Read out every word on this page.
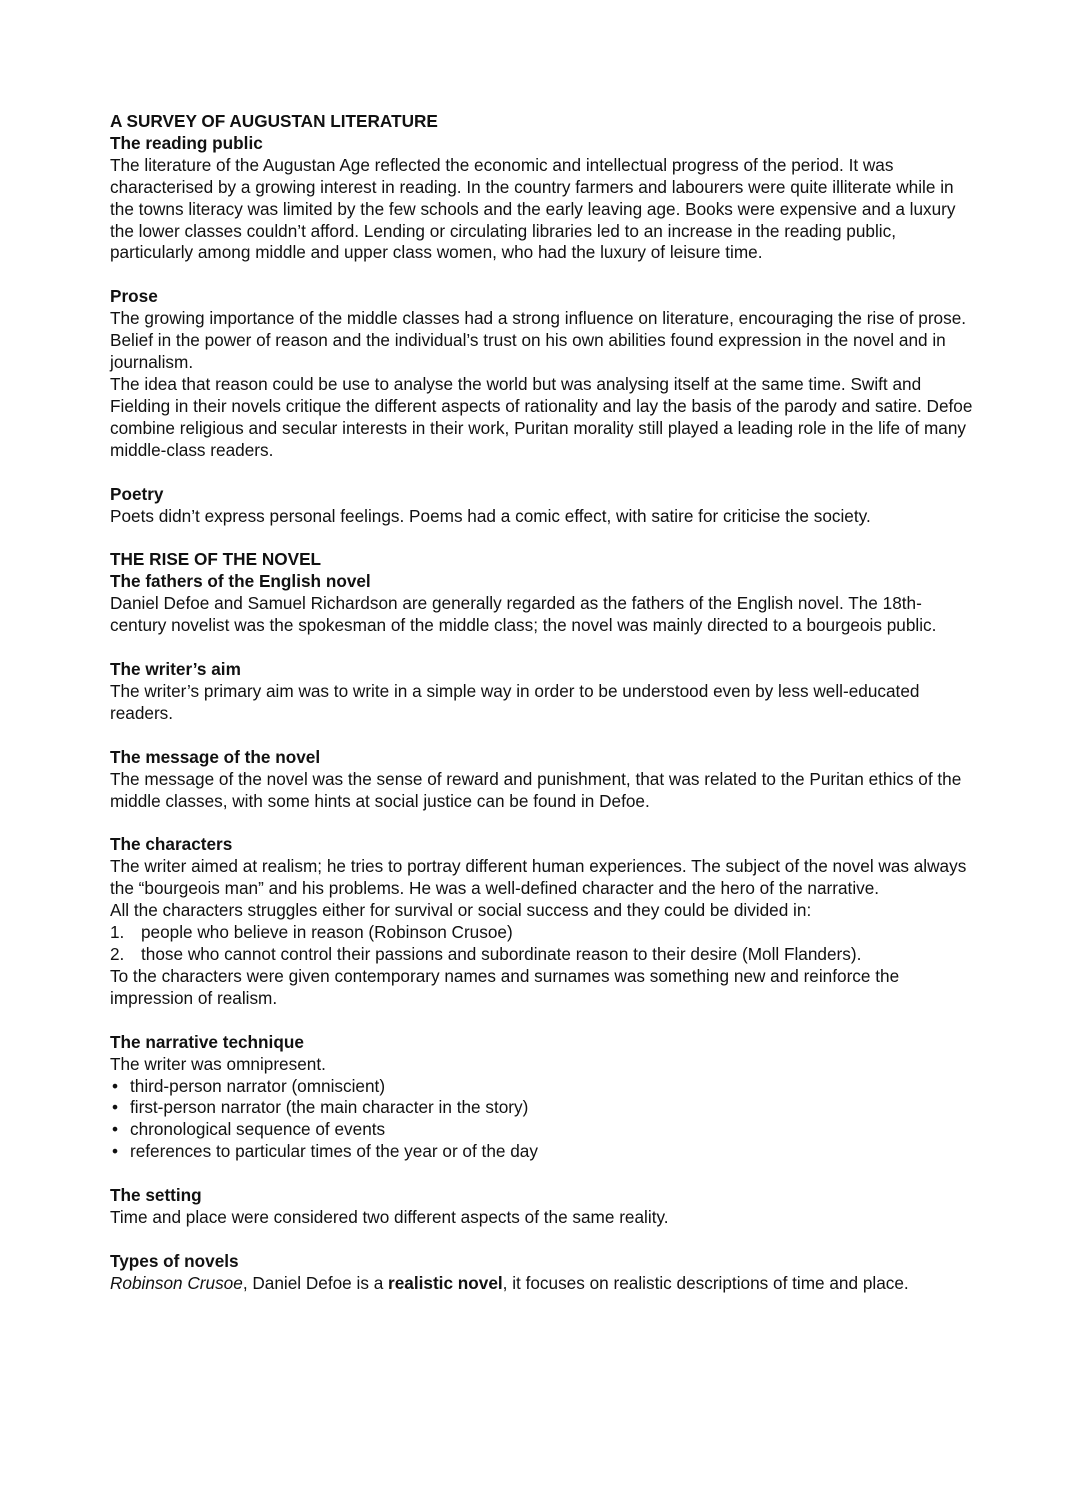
A SURVEY OF AUGUSTAN LITERATURE
The reading public

The literature of the Augustan Age reflected the economic and intellectual progress of the period. It was characterised by a growing interest in reading. In the country farmers and labourers were quite illiterate while in the towns literacy was limited by the few schools and the early leaving age. Books were expensive and a luxury the lower classes couldn’t afford. Lending or circulating libraries led to an increase in the reading public, particularly among middle and upper class women, who had the luxury of leisure time.

Prose

The growing importance of the middle classes had a strong influence on literature, encouraging the rise of prose. Belief in the power of reason and the individual’s trust on his own abilities found expression in the novel and in journalism.

The idea that reason could be use to analyse the world but was analysing itself at the same time. Swift and Fielding in their novels critique the different aspects of rationality and lay the basis of the parody and satire. Defoe combine religious and secular interests in their work, Puritan morality still played a leading role in the life of many middle-class readers.

Poetry

Poets didn’t express personal feelings. Poems had a comic effect, with satire for criticise the society.

THE RISE OF THE NOVEL
The fathers of the English novel

Daniel Defoe and Samuel Richardson are generally regarded as the fathers of the English novel. The 18th-century novelist was the spokesman of the middle class; the novel was mainly directed to a bourgeois public.

The writer’s aim

The writer’s primary aim was to write in a simple way in order to be understood even by less well-educated readers.

The message of the novel

The message of the novel was the sense of reward and punishment, that was related to the Puritan ethics of the middle classes, with some hints at social justice can be found in Defoe.

The characters

The writer aimed at realism; he tries to portray different human experiences. The subject of the novel was always the “bourgeois man” and his problems. He was a well-defined character and the hero of the narrative.

All the characters struggles either for survival or social success and they could be divided in:

1. people who believe in reason (Robinson Crusoe)
2. those who cannot control their passions and subordinate reason to their desire (Moll Flanders).

To the characters were given contemporary names and surnames was something new and reinforce the impression of realism.

The narrative technique

The writer was omnipresent.

• third-person narrator (omniscient)
• first-person narrator (the main character in the story)
• chronological sequence of events
• references to particular times of the year or of the day
The setting

Time and place were considered two different aspects of the same reality.

Types of novels

Robinson Crusoe, Daniel Defoe is a realistic novel, it focuses on realistic descriptions of time and place.
